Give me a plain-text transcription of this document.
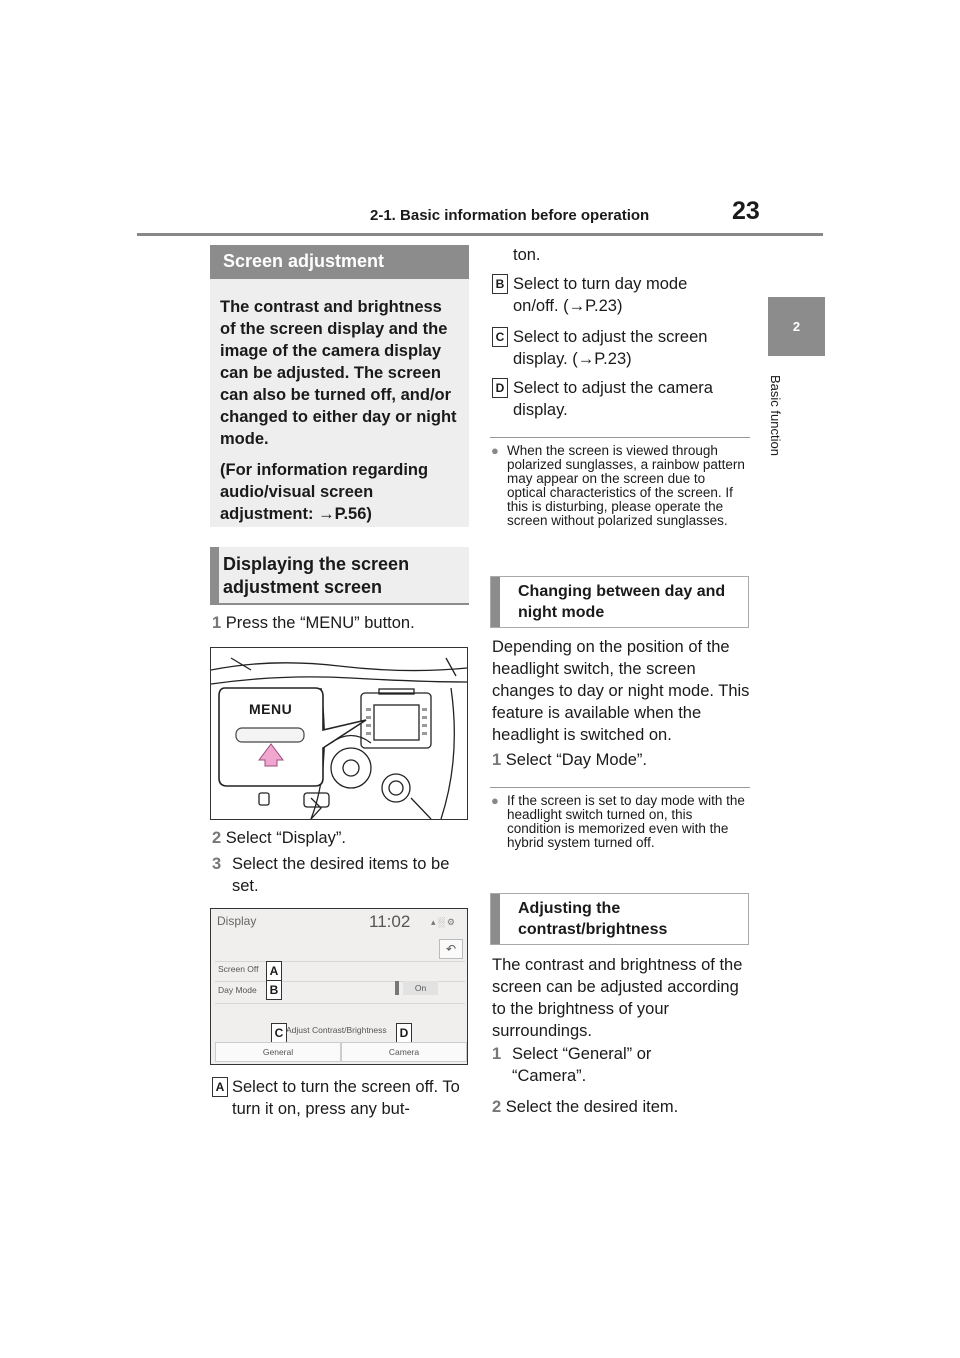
2-1. Basic information before operation	23
2
Basic function
Screen adjustment

The contrast and brightness of the screen display and the image of the camera display can be adjusted. The screen can also be turned off, and/or changed to either day or night mode.

(For information regarding audio/visual screen adjustment: →P.56)

Displaying the screen adjustment screen
1 Press the “MENU” button.
MENU
2 Select “Display”.
3 Select the desired items to be set.
Display	11:02 ▴ ░ ⚙
↶
Screen Off A
Day Mode	B	On
C Adjust Contrast/Brightness	D
General	Camera
A Select to turn the screen off. To turn it on, press any but-
ton.
B Select to turn day mode on/off. (→P.23)
C Select to adjust the screen display. (→P.23)
D Select to adjust the camera display.
● When the screen is viewed through polarized sunglasses, a rainbow pattern may appear on the screen due to optical characteristics of the screen. If this is disturbing, please operate the screen without polarized sunglasses.
Changing between day and night mode
Depending on the position of the headlight switch, the screen changes to day or night mode. This feature is available when the headlight is switched on.
1 Select “Day Mode”.
● If the screen is set to day mode with the headlight switch turned on, this condition is memorized even with the hybrid system turned off.
Adjusting the contrast/brightness
The contrast and brightness of the screen can be adjusted according to the brightness of your surroundings.
1 Select “General” or “Camera”.
2 Select the desired item.
